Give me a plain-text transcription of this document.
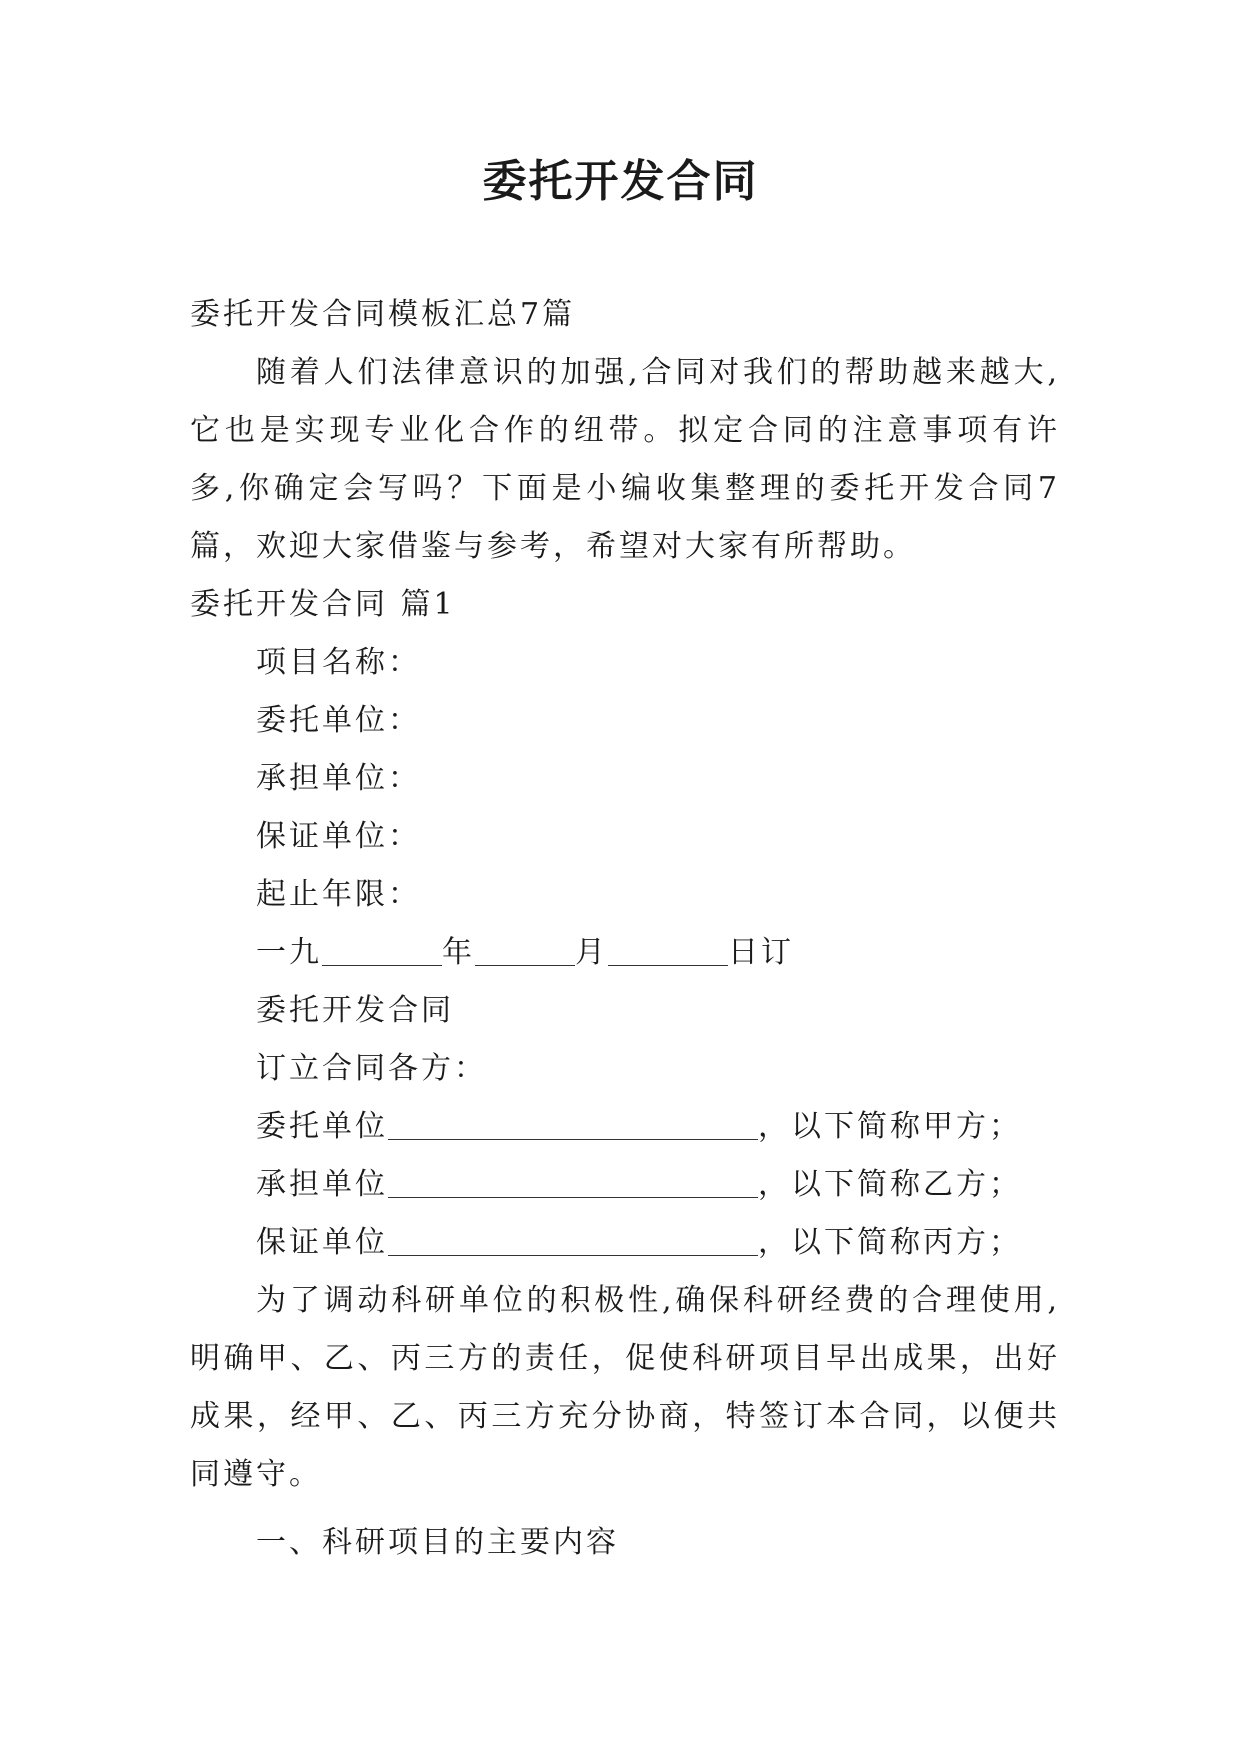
委托开发合同
委托开发合同模板汇总7篇
随着人们法律意识的加强,合同对我们的帮助越来越大,它也是实现专业化合作的纽带。拟定合同的注意事项有许多,你确定会写吗？下面是小编收集整理的委托开发合同7篇，欢迎大家借鉴与参考，希望对大家有所帮助。
委托开发合同 篇1
项目名称：
委托单位：
承担单位：
保证单位：
起止年限：
一九	年	月	日订
委托开发合同
订立合同各方：
委托单位	，以下简称甲方；
承担单位	，以下简称乙方；
保证单位	，以下简称丙方；
为了调动科研单位的积极性,确保科研经费的合理使用,明确甲、乙、丙三方的责任，促使科研项目早出成果，出好成果，经甲、乙、丙三方充分协商，特签订本合同，以便共同遵守。
一、科研项目的主要内容
